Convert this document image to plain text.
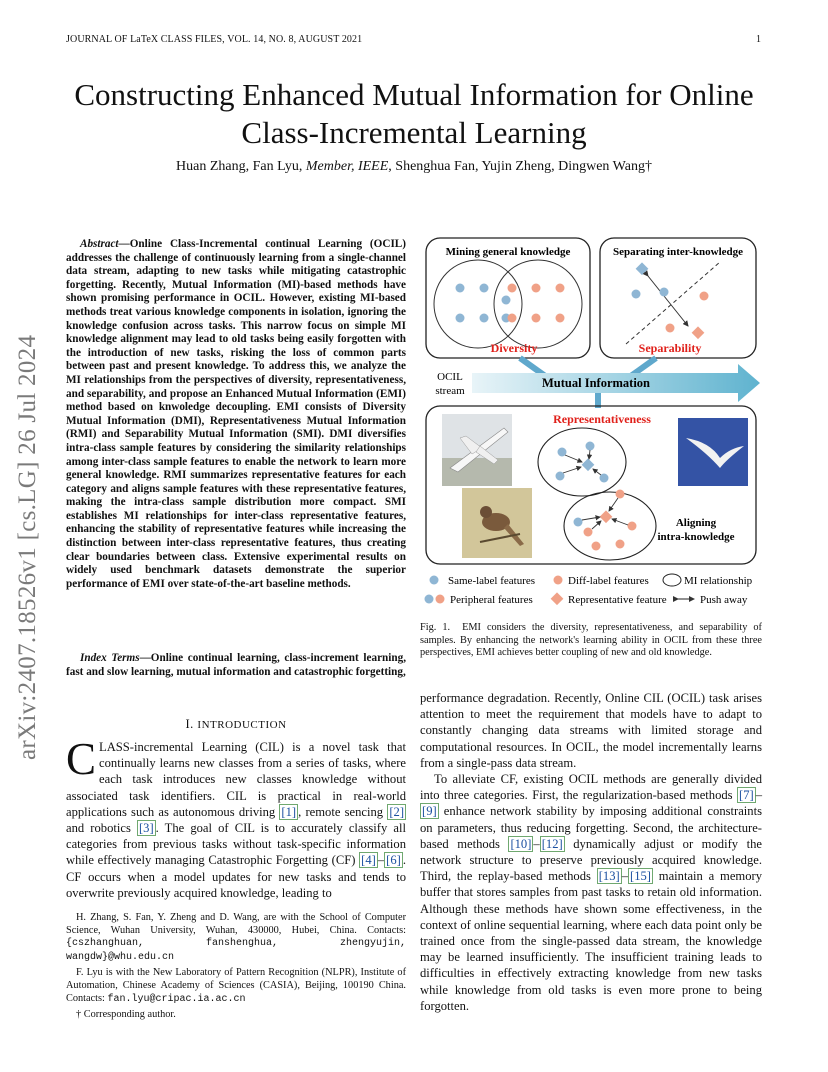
JOURNAL OF LaTeX CLASS FILES, VOL. 14, NO. 8, AUGUST 2021	1
arXiv:2407.18526v1 [cs.LG] 26 Jul 2024
Constructing Enhanced Mutual Information for Online Class-Incremental Learning
Huan Zhang, Fan Lyu, Member, IEEE, Shenghua Fan, Yujin Zheng, Dingwen Wang†
Abstract—Online Class-Incremental continual Learning (OCIL) addresses the challenge of continuously learning from a single-channel data stream, adapting to new tasks while mitigating catastrophic forgetting. Recently, Mutual Information (MI)-based methods have shown promising performance in OCIL. However, existing MI-based methods treat various knowledge components in isolation, ignoring the knowledge confusion across tasks. This narrow focus on simple MI knowledge alignment may lead to old tasks being easily forgotten with the introduction of new tasks, risking the loss of common parts between past and present knowledge. To address this, we analyze the MI relationships from the perspectives of diversity, representativeness, and separability, and propose an Enhanced Mutual Information (EMI) method based on knwoledge decoupling. EMI consists of Diversity Mutual Information (DMI), Representativeness Mutual Information (RMI) and Separability Mutual Information (SMI). DMI diversifies intra-class sample features by considering the similarity relationships among inter-class sample features to enable the network to learn more general knowledge. RMI summarizes representative features for each category and aligns sample features with these representative features, making the intra-class sample distribution more compact. SMI establishes MI relationships for inter-class representative features, enhancing the stability of representative features while increasing the distinction between inter-class representative features, thus creating clear boundaries between class. Extensive experimental results on widely used benchmark datasets demonstrate the superior performance of EMI over state-of-the-art baseline methods.
Index Terms—Online continual learning, class-increment learning, fast and slow learning, mutual information and catastrophic forgetting,
I. INTRODUCTION
CLASS-incremental Learning (CIL) is a novel task that continually learns new classes from a series of tasks, where each task introduces new classes knowledge without associated task identifiers. CIL is practical in real-world applications such as autonomous driving [1] , remote sencing [2] and robotics [3] . The goal of CIL is to accurately classify all categories from previous tasks without task-specific information while effectively managing Catastrophic Forgetting (CF) [4] – [6] . CF occurs when a model updates for new tasks and tends to overwrite previously acquired knowledge, leading to

H. Zhang, S. Fan, Y. Zheng and D. Wang, are with the School of Computer Science, Wuhan University, Wuhan, 430000, Hubei, China. Contacts: {cszhanghuan, fanshenghua, zhengyujin, wangdw}@whu.edu.cn

F. Lyu is with the New Laboratory of Pattern Recognition (NLPR), Institute of Automation, Chinese Academy of Sciences (CASIA), Beijing, 100190 China. Contacts: fan.lyu@cripac.ia.ac.cn

† Corresponding author.

Mining general knowledge
Diversity
Separating inter-knowledge
Separability
OCIL
stream
Mutual Information
Representativeness
Aligning
intra-knowledge
Same-label features	Diff-label features	MI relationship
Peripheral features	Representative feature	Push away
Fig. 1. EMI considers the diversity, representativeness, and separability of samples. By enhancing the network's learning ability in OCIL from these three perspectives, EMI achieves better coupling of new and old knowledge.

performance degradation. Recently, Online CIL (OCIL) task arises attention to meet the requirement that models have to adapt to constantly changing data streams with limited storage and computational resources. In OCIL, the model incrementally learns from a single-pass data stream.

To alleviate CF, existing OCIL methods are generally divided into three categories. First, the regularization-based methods [7] –[9] enhance network stability by imposing additional constraints on parameters, thus reducing forgetting. Second, the architecture-based methods [10] – [12] dynamically adjust or modify the network structure to preserve previously acquired knowledge. Third, the replay-based methods [13] – [15] maintain a memory buffer that stores samples from past tasks to retain old information. Although these methods have shown some effectiveness, in the context of online sequential learning, where each data point only be trained once from the single-passed data stream, the knowledge may be learned insufficiently. The insufficient training leads to difficulties in effectively extracting knowledge from new tasks while knowledge from old tasks is even more prone to being forgotten.
